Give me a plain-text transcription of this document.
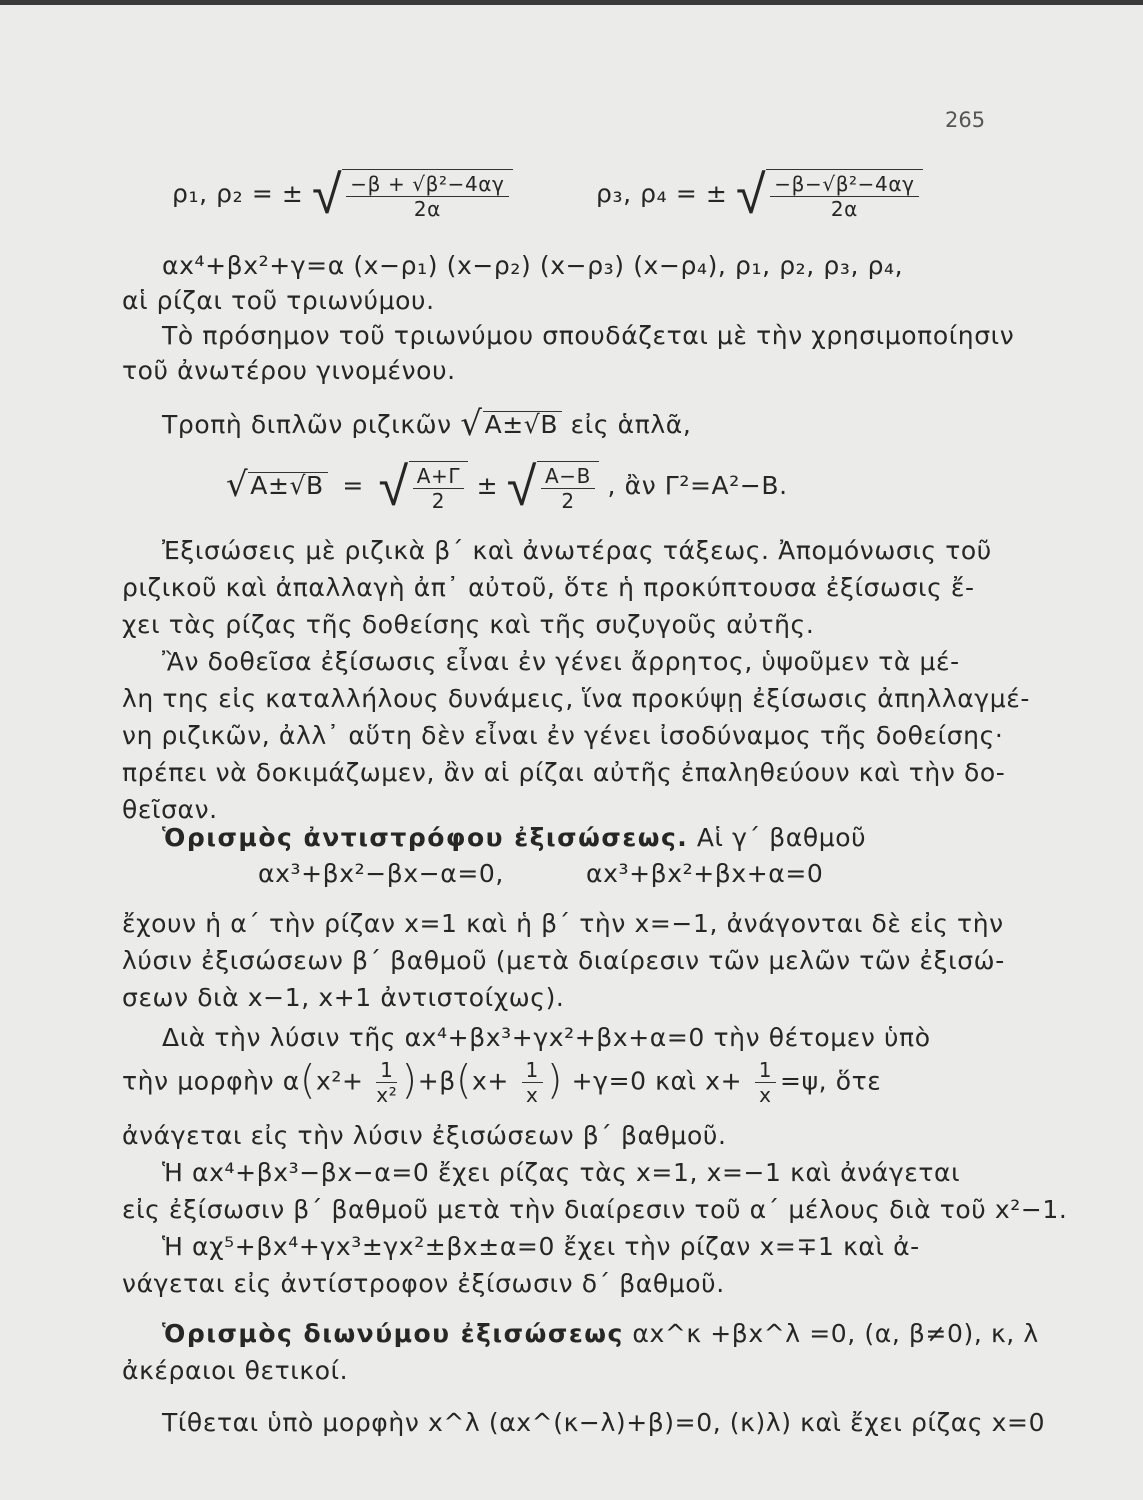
265
ρ₁, ρ₂ = ± √ $\frac{\text{−β + √β²−4αγ}}{2\alpha}$	ρ₃, ρ₄ = ± √ $\frac{\text{−β−√β²−4αγ}}{2\alpha}$
αx⁴+βx²+γ=α (x−ρ₁) (x−ρ₂) (x−ρ₃) (x−ρ₄), ρ₁, ρ₂, ρ₃, ρ₄,
αἱ ρίζαι τοῦ τριωνύμου.
Τὸ πρόσημον τοῦ τριωνύμου σπουδάζεται μὲ τὴν χρησιμοποίησιν
τοῦ ἀνωτέρου γινομένου.
Τροπὴ διπλῶν ριζικῶν √A±√B εἰς ἁπλᾶ,
√A±√B = √ $\frac{A+\Gamma}{2}$ ± √ $\frac{A-B}{2}$ , ἂν Γ²=A²−B.
Ἐξισώσεις μὲ ριζικὰ β΄ καὶ ἀνωτέρας τάξεως. Ἀπομόνωσις τοῦ
ριζικοῦ καὶ ἀπαλλαγὴ ἀπ᾽ αὐτοῦ, ὅτε ἡ προκύπτουσα ἐξίσωσις ἔ-
χει τὰς ρίζας τῆς δοθείσης καὶ τῆς συζυγοῦς αὐτῆς.
Ἂν δοθεῖσα ἐξίσωσις εἶναι ἐν γένει ἄρρητος, ὑψοῦμεν τὰ μέ-
λη της εἰς καταλλήλους δυνάμεις, ἵνα προκύψῃ ἐξίσωσις ἀπηλλαγμέ-
νη ριζικῶν, ἀλλ᾽ αὕτη δὲν εἶναι ἐν γένει ἰσοδύναμος τῆς δοθείσης·
πρέπει νὰ δοκιμάζωμεν, ἂν αἱ ρίζαι αὐτῆς ἐπαληθεύουν καὶ τὴν δο-
θεῖσαν.
Ὁρισμὸς ἀντιστρόφου ἐξισώσεως. Αἱ γ΄ βαθμοῦ
αx³+βx²−βx−α=0,	αx³+βx²+βx+α=0
ἔχουν ἡ α΄ τὴν ρίζαν x=1 καὶ ἡ β΄ τὴν x=−1, ἀνάγονται δὲ εἰς τὴν
λύσιν ἐξισώσεων β΄ βαθμοῦ (μετὰ διαίρεσιν τῶν μελῶν τῶν ἐξισώ-
σεων διὰ x−1, x+1 ἀντιστοίχως).
Διὰ τὴν λύσιν τῆς αx⁴+βx³+γx²+βx+α=0 τὴν θέτομεν ὑπὸ
τὴν μορφὴν $\alpha(x^2+ \frac{1}{\text{x²}} )+\beta(x+ \frac{1}{x}$ ) +γ=0 καὶ $x+ \frac{1}{x} =\psi$, ὅτε
ἀνάγεται εἰς τὴν λύσιν ἐξισώσεων β΄ βαθμοῦ.
Ἡ αx⁴+βx³−βx−α=0 ἔχει ρίζας τὰς x=1, x=−1 καὶ ἀνάγεται
εἰς ἐξίσωσιν β΄ βαθμοῦ μετὰ τὴν διαίρεσιν τοῦ α΄ μέλους διὰ τοῦ x²−1.
Ἡ αχ⁵+βx⁴+γx³±γx²±βx±α=0 ἔχει τὴν ρίζαν x=∓1 καὶ ἀ-
νάγεται εἰς ἀντίστροφον ἐξίσωσιν δ΄ βαθμοῦ.
Ὁρισμὸς διωνύμου ἐξισώσεως αx^κ +βx^λ =0, (α, β≠0), κ, λ
ἀκέραιοι θετικοί.
Τίθεται ὑπὸ μορφὴν x^λ (αx^(κ−λ)+β)=0, (κ)λ) καὶ ἔχει ρίζας x=0
